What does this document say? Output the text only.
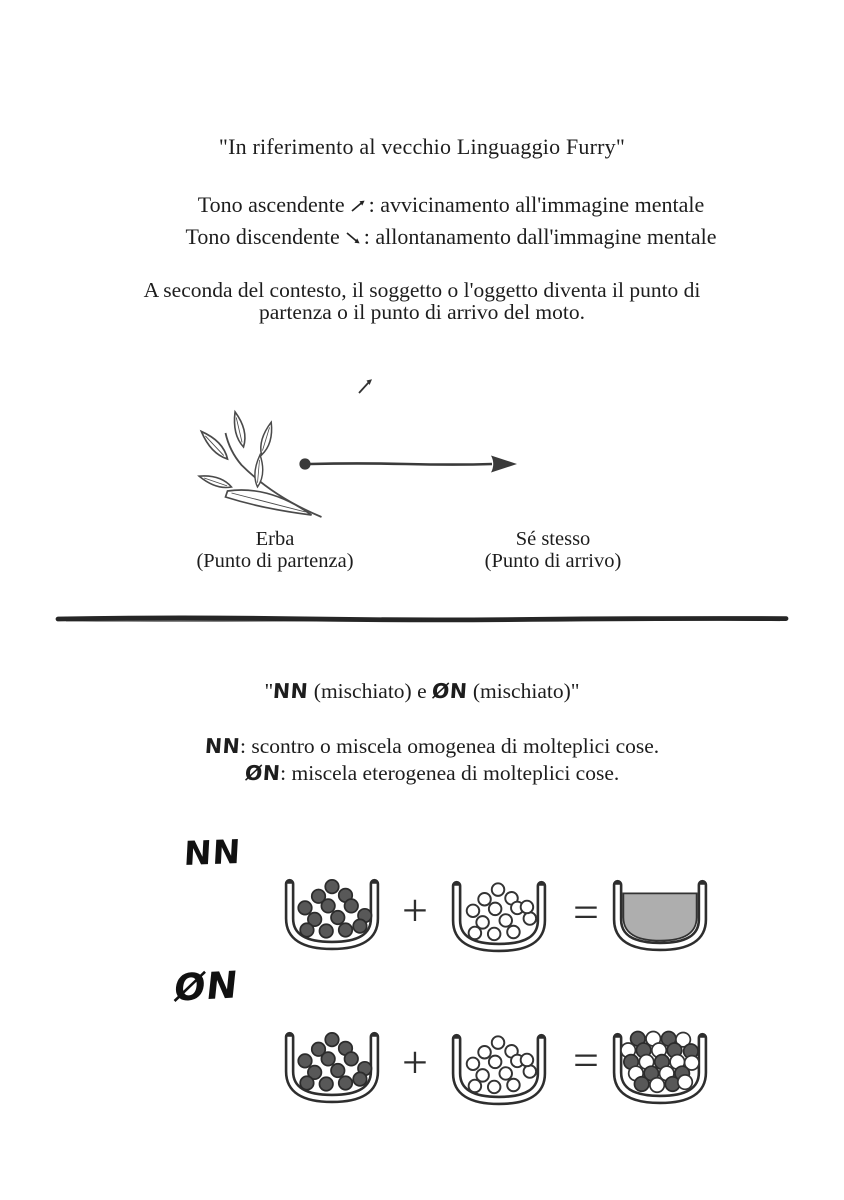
"In riferimento al vecchio Linguaggio Furry"
Tono ascendente : avvicinamento all'immagine mentale
Tono discendente : allontanamento dall'immagine mentale
A seconda del contesto, il soggetto o l'oggetto diventa il punto di
partenza o il punto di arrivo del moto.
Erba
(Punto di partenza)
Sé stesso
(Punto di arrivo)
"NN (mischiato) e ØN (mischiato)"
NN: scontro o miscela omogenea di molteplici cose.
ØN: miscela eterogenea di molteplici cose.
NN
+	=
ØN
+	=
